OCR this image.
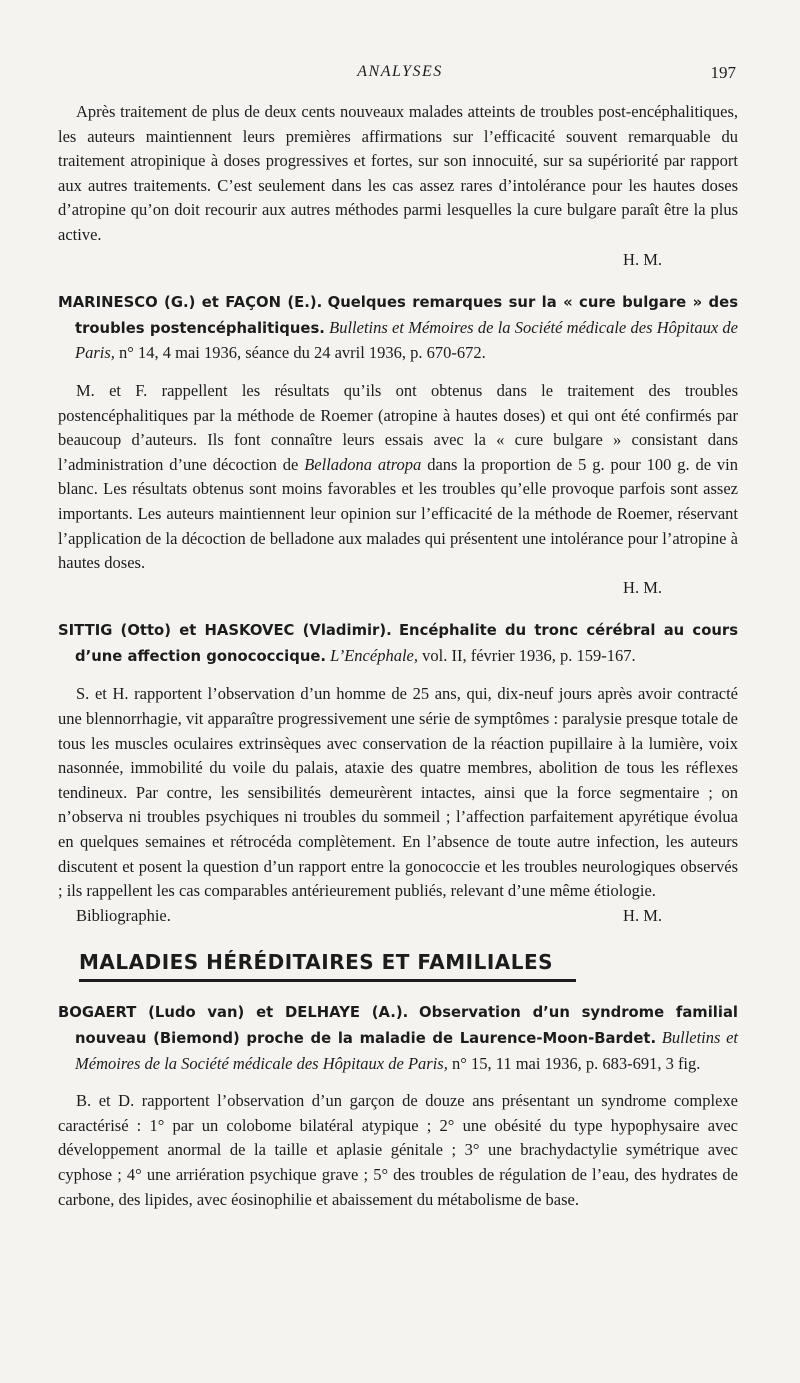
ANALYSES	197

Après traitement de plus de deux cents nouveaux malades atteints de troubles post-encéphalitiques, les auteurs maintiennent leurs premières affirmations sur l’efficacité souvent remarquable du traitement atropinique à doses progressives et fortes, sur son innocuité, sur sa supériorité par rapport aux autres traitements. C’est seulement dans les cas assez rares d’intolérance pour les hautes doses d’atropine qu’on doit recourir aux autres méthodes parmi lesquelles la cure bulgare paraît être la plus active.

H. M.

MARINESCO (G.) et FAÇON (E.). Quelques remarques sur la « cure bulgare » des troubles postencéphalitiques. Bulletins et Mémoires de la Société médicale des Hôpitaux de Paris, n° 14, 4 mai 1936, séance du 24 avril 1936, p. 670-672.

M. et F. rappellent les résultats qu’ils ont obtenus dans le traitement des troubles postencéphalitiques par la méthode de Roemer (atropine à hautes doses) et qui ont été confirmés par beaucoup d’auteurs. Ils font connaître leurs essais avec la « cure bulgare » consistant dans l’administration d’une décoction de Belladona atropa dans la proportion de 5 g. pour 100 g. de vin blanc. Les résultats obtenus sont moins favorables et les troubles qu’elle provoque parfois sont assez importants. Les auteurs maintiennent leur opinion sur l’efficacité de la méthode de Roemer, réservant l’application de la décoction de belladone aux malades qui présentent une intolérance pour l’atropine à hautes doses.

H. M.

SITTIG (Otto) et HASKOVEC (Vladimir). Encéphalite du tronc cérébral au cours d’une affection gonococcique. L’Encéphale, vol. II, février 1936, p. 159-167.

S. et H. rapportent l’observation d’un homme de 25 ans, qui, dix-neuf jours après avoir contracté une blennorrhagie, vit apparaître progressivement une série de symptômes : paralysie presque totale de tous les muscles oculaires extrinsèques avec conservation de la réaction pupillaire à la lumière, voix nasonnée, immobilité du voile du palais, ataxie des quatre membres, abolition de tous les réflexes tendineux. Par contre, les sensibilités demeurèrent intactes, ainsi que la force segmentaire ; on n’observa ni troubles psychiques ni troubles du sommeil ; l’affection parfaitement apyrétique évolua en quelques semaines et rétrocéda complètement. En l’absence de toute autre infection, les auteurs discutent et posent la question d’un rapport entre la gonococcie et les troubles neurologiques observés ; ils rappellent les cas comparables antérieurement publiés, relevant d’une même étiologie.

Bibliographie.	H. M.
MALADIES HÉRÉDITAIRES ET FAMILIALES

BOGAERT (Ludo van) et DELHAYE (A.). Observation d’un syndrome familial nouveau (Biemond) proche de la maladie de Laurence-Moon-Bardet. Bulletins et Mémoires de la Société médicale des Hôpitaux de Paris, n° 15, 11 mai 1936, p. 683-691, 3 fig.

B. et D. rapportent l’observation d’un garçon de douze ans présentant un syndrome complexe caractérisé : 1° par un colobome bilatéral atypique ; 2° une obésité du type hypophysaire avec développement anormal de la taille et aplasie génitale ; 3° une brachydactylie symétrique avec cyphose ; 4° une arriération psychique grave ; 5° des troubles de régulation de l’eau, des hydrates de carbone, des lipides, avec éosinophilie et abaissement du métabolisme de base.
